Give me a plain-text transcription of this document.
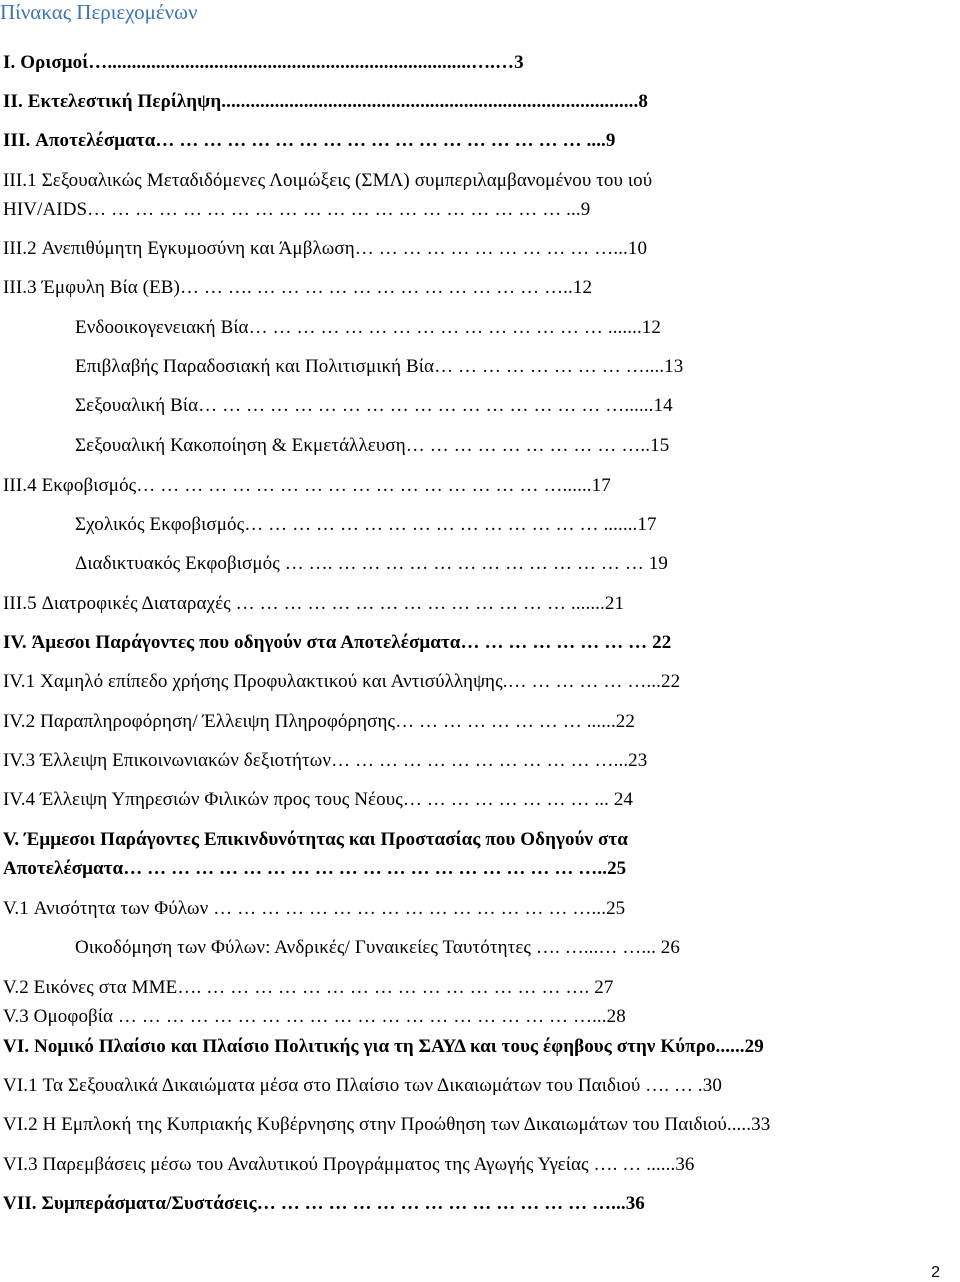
Πίνακας Περιεχομένων
I. Ορισμοί…...........................................................................….…3
II. Εκτελεστική Περίληψη......................................................................................8
III. Αποτελέσματα… … … … … … … … … … … … … … … … … … ....9
III.1 Σεξουαλικώς Μεταδιδόμενες Λοιμώξεις (ΣΜΛ) συμπεριλαμβανομένου του ιού
HIV/AIDS… … … … … … … … … … … … … … … … … … … … ...9
III.2 Ανεπιθύμητη Εγκυμοσύνη και Άμβλωση… … … … … … … … … … …...10
III.3 Έμφυλη Βία (ΕΒ)… … …. … … … … … … … … … … … … …..12
Ενδοοικογενειακή Βία… … … … … … … … … … … … … … … .......12
Επιβλαβής Παραδοσιακή και Πολιτισμική Βία… … … … … … … … …....13
Σεξουαλική Βία… … … … … … … … … … … … … … … … … …......14
Σεξουαλική Κακοποίηση & Εκμετάλλευση… … … … … … … … … …..15
III.4 Εκφοβισμός… … … … … … … … … … … … … … … … … …......17
Σχολικός Εκφοβισμός… … … … … … … … … … … … … … … .......17
Διαδικτυακός Εκφοβισμός … …. … … … … … … … … … … … … … 19
III.5 Διατροφικές Διαταραχές … … … … … … … … … … … … … … .......21
IV. Άμεσοι Παράγοντες που οδηγούν στα Αποτελέσματα… … … … … … … … 22
IV.1 Χαμηλό επίπεδο χρήσης Προφυλακτικού και Αντισύλληψης.… … … … … …...22
IV.2 Παραπληροφόρηση/ Έλλειψη Πληροφόρησης… … … … … … … … ......22
IV.3 Έλλειψη Επικοινωνιακών δεξιοτήτων… … … … … … … … … … … …...23
IV.4 Έλλειψη Υπηρεσιών Φιλικών προς τους Νέους… … … … … … … … ... 24
V. Έμμεσοι Παράγοντες Επικινδυνότητας και Προστασίας που Οδηγούν στα
Αποτελέσματα… … … … … … … … … … … … … … … … … … … …..25
V.1 Ανισότητα των Φύλων … … … … … … … … … … … … … … … …...25
Οικοδόμηση των Φύλων: Ανδρικές/ Γυναικείες Ταυτότητες …. …...… …... 26
V.2 Εικόνες στα ΜΜΕ…. … … … … … … … … … … … … … … … …. 27
V.3 Ομοφοβία … … … … … … … … … … … … … … … … … … … …...28
VI. Νομικό Πλαίσιο και Πλαίσιο Πολιτικής για τη ΣΑΥΔ και τους έφηβους στην Κύπρο......29
VI.1 Τα Σεξουαλικά Δικαιώματα μέσα στο Πλαίσιο των Δικαιωμάτων του Παιδιού …. … .30
VI.2 Η Εμπλοκή της Κυπριακής Κυβέρνησης στην Προώθηση των Δικαιωμάτων του Παιδιού.....33
VI.3 Παρεμβάσεις μέσω του Αναλυτικού Προγράμματος της Αγωγής Υγείας …. … ......36
VII. Συμπεράσματα/Συστάσεις… … … … … … … … … … … … … … …...36
2
